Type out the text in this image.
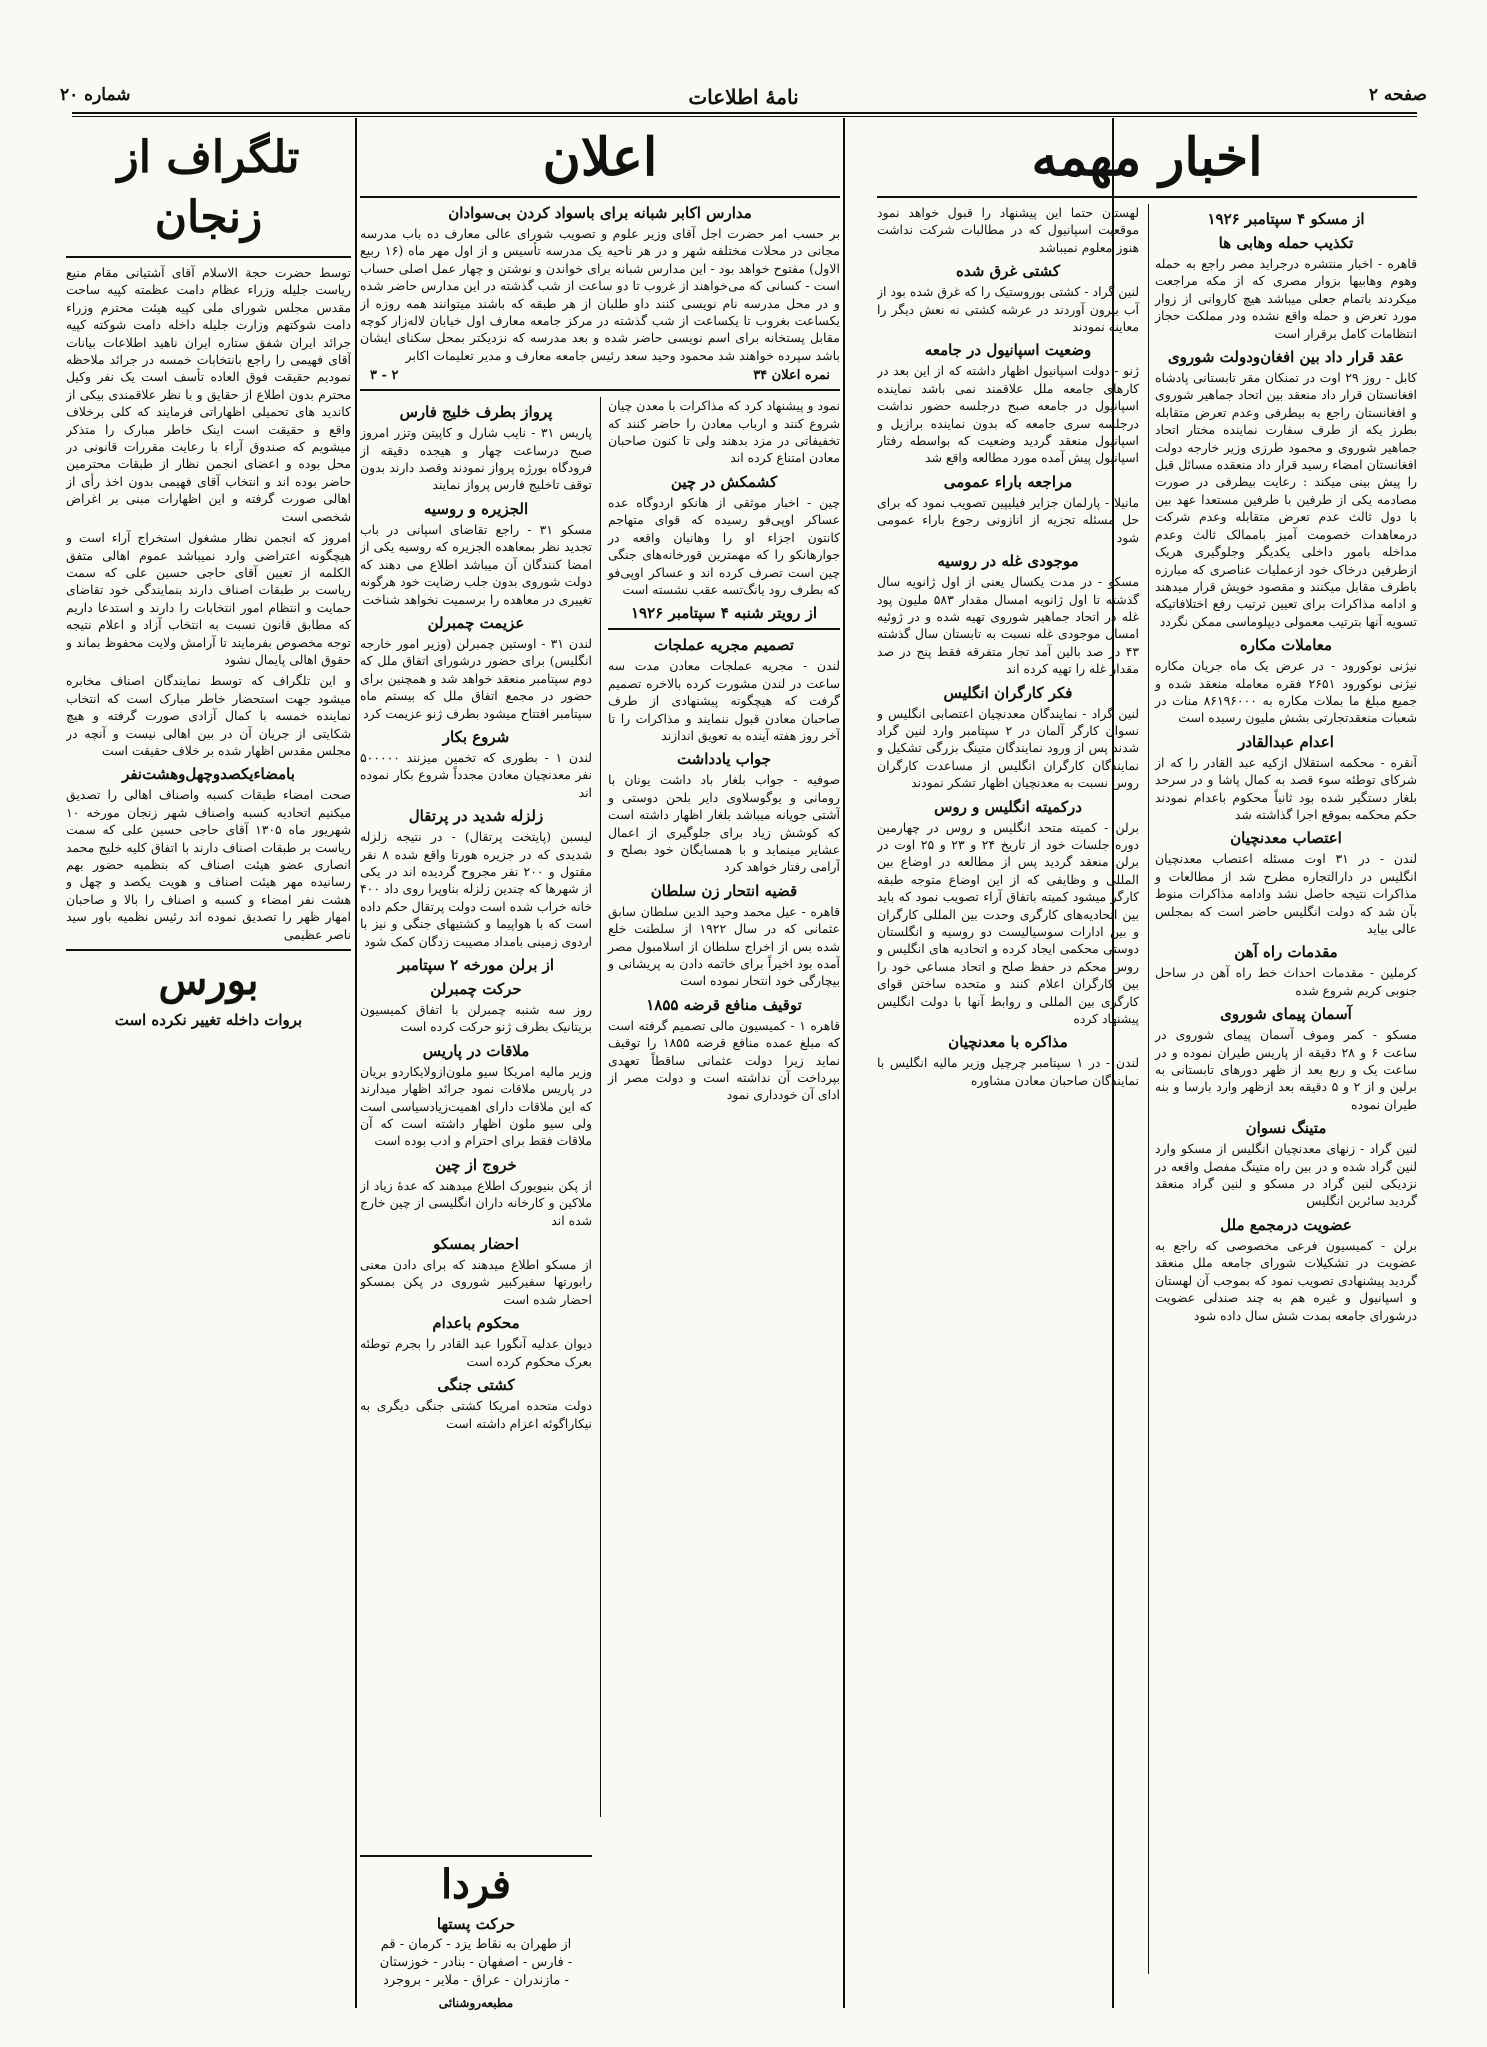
صفحه ۲
نامهٔ اطلاعات
شماره ۲۰
اخبار مهمه
از مسکو ۴ سپتامبر ۱۹۲۶
تکذیب حمله وهابی ها

قاهره - اخبار منتشره درجرايد مصر راجع به حمله وهوم وهابيها بزوار مصرى که از مکه مراجعت ميکردند باتمام جعلى ميباشد هيچ کاروانى از زوار مورد تعرض و حمله واقع نشده ودر مملکت حجاز انتظامات کامل برقرار است

عقد قرار داد بين افغان‌ودولت شوروی

کابل - روز ۲۹ اوت در تمنکان مقر تابستانی پادشاه افغانستان قرار داد منعقد بين اتحاد جماهير شوروى و افغانستان راجع به بيطرفى وعدم تعرض متقابله بطرز يکه از طرف سفارت نماينده مختار اتحاد جماهير شوروى و محمود طرزى وزير خارجه دولت افغانستان امضاء رسيد قرار داد منعقده مسائل قبل را پيش بينى ميکند : رعايت بيطرفى در صورت مصادمه يکى از طرفين با طرفين مستعدا عهد بين با دول ثالث عدم تعرض متقابله وعدم شرکت درمعاهدات خصومت آميز باممالک ثالث وعدم مداخله بامور داخلى يکديگر وجلوگيرى هريک ازطرفين درخاک خود ازعمليات عناصرى که مبارزه باطرف مقابل ميکنند و مقصود خويش قرار ميدهند و ادامه مذاکرات براى تعيين ترتيب رفع اختلافاتيکه تسويه آنها بترتيب معمولى ديپلوماسى ممکن نگردد

معاملات مکاره

نيژنى نوکورود - در عرض يک ماه جريان مکاره نيژنى نوکورود ۲۶۵۱ فقره معامله منعقد شده و جميع مبلغ ما بملات مکاره به ۸۶۱۹۶۰۰۰ منات در شعبات منعقدتجارتى بشش مليون رسيده است

اعدام عبدالقادر

آنقره - محکمه استقلال ازکيه عبد القادر را که از شرکای توطئه سوء قصد به کمال پاشا و در سرحد بلغار دستگير شده بود ثانیاً محکوم باعدام نمودند حکم محکمه بموقع اجرا گذاشته شد

اعتصاب معدنچيان

لندن - در ۳۱ اوت مسئله اعتصاب معدنچيان انگليس در دارالتجاره مطرح شد از مطالعات و مذاکرات نتيجه حاصل نشد وادامه مذاکرات منوط بآن شد که دولت انگليس حاضر است که بمجلس عالى بيايد

مقدمات راه آهن

کرملين - مقدمات احداث خط راه آهن در ساحل جنوبى کريم شروع شده

آسمان پيمای شوروی

مسکو - کمر وموف آسمان پيماى شوروی در ساعت ۶ و ۲۸ دقيقه از پاريس طيران نموده و در ساعت یک و ربع بعد از ظهر دورهای تابستانى به برلين و از ۲ و ۵ دقيقه بعد ازظهر وارد بارسا و بنه طيران نموده

متينگ نسوان

لنين گراد - زنهاى معدنچيان انگليس از مسکو وارد لنين گراد شده و در بين راه متينگ مفصل واقعه در نزديکى لنين گراد در مسکو و لنين گراد منعقد گرديد سائرين انگليس

عضويت درمجمع ملل

برلن - کميسيون فرعى مخصوصى که راجع به عضويت در تشکيلات شوراى جامعه ملل منعقد گرديد پيشنهادى تصويب نمود که بموجب آن لهستان و اسپانيول و غيره هم به چند صندلى عضويت درشوراى جامعه بمدت شش سال داده شود

لهستان حتما اين پيشنهاد را قبول خواهد نمود موقعيت اسپانيول که در مطالبات شرکت نداشت هنوز معلوم نميباشد

کشتی غرق شده

لنين گراد - کشتى بوروستيک را که غرق شده بود از آب بيرون آوردند در عرشه کشتى نه نعش ديگر را معاينه نمودند

وضعيت اسپانيول در جامعه

ژنو - دولت اسپانيول اظهار داشته که از اين بعد در کارهاى جامعه ملل علاقمند نمى باشد نماينده اسپانيول در جامعه صبح درجلسه حضور نداشت درجلسه سرى جامعه که بدون نماينده برازيل و اسپانيول منعقد گرديد وضعيت که بواسطه رفتار اسپانيول پيش آمده مورد مطالعه واقع شد

مراجعه باراء عمومی

مانيلا - پارلمان جزاير فيليپين تصويب نمود که براى حل مسئله تجزيه از انازونى رجوع باراء عمومى شود

موجودی غله در روسيه

مسکو - در مدت يکسال يعنى از اول ژانويه سال گذشته تا اول ژانويه امسال مقدار ۵۸۳ مليون پود غله در اتحاد جماهير شوروى تهيه شده و در ژوئيه امسال موجودى غله نسبت به تابستان سال گذشته ۴۳ در صد بالين آمد تجار متفرقه فقط پنج در صد مقدار غله را تهيه کرده اند

فکر کارگران انگليس

لنين گراد - نمايندگان معدنچيان اعتصابى انگليس و نسوان کارگر آلمان در ۲ سپتامبر وارد لنين گراد شدند پس از ورود نمايندگان متينگ بزرگى تشکيل و نمايندگان کارگران انگليس از مساعدت کارگران روس نسبت به معدنچيان اظهار تشکر نمودند

درکميته انگليس و روس

برلن - کميته متحد انگليس و روس در چهارمين دوره جلسات خود از تاريخ ۲۴ و ۲۳ و ۲۵ اوت در برلن منعقد گرديد پس از مطالعه در اوضاع بين المللى و وظايفى که از اين اوضاع متوجه طبقه کارگر ميشود کميته باتفاق آراء تصويب نمود که بايد بين اتحاديه‌هاى کارگرى وحدت بين المللى کارگران و بين ادارات سوسياليست دو روسيه و انگلستان دوستى محکمى ايجاد کرده و اتحاديه هاى انگليس و روس محکم در حفظ صلح و اتحاد مساعى خود را بين کارگران اعلام کنند و متحده ساختن قواى کارگرى بين المللى و روابط آنها با دولت انگليس پيشنهاد کرده

مذاکره با معدنچيان

لندن - در ۱ سپتامبر چرچيل وزير ماليه انگليس با نمايندگان صاحبان معادن مشاوره

اعلان
مدارس اکابر شبانه برای باسواد کردن بی‌سوادان

بر حسب امر حضرت اجل آقاى وزير علوم و تصويب شوراى عالى معارف ده باب مدرسه مجانى در محلات مختلفه شهر و در هر ناحيه يک مدرسه تأسيس و از اول مهر ماه (۱۶ ربيع الاول) مفتوح خواهد بود - اين مدارس شبانه براى خواندن و نوشتن و چهار عمل اصلى حساب است - کسانى که مى‌خواهند از غروب تا دو ساعت از شب گذشته در اين مدارس حاضر شده و در محل مدرسه نام نويسى کنند داو طلبان از هر طبقه که باشند ميتوانند همه روزه از يکساعت بغروب تا يکساعت از شب گذشته در مرکز جامعه معارف اول خيابان لاله‌زار کوچه مقابل پستخانه براى اسم نويسى حاضر شده و بعد مدرسه که نزديکتر بمحل سکناى ايشان باشد سپرده خواهند شد محمود وحيد سعد رئيس جامعه معارف و مدير تعليمات اکابر

نمره اعلان ۳۴
۲ - ۳

نمود و پيشنهاد کرد که مذاکرات با معدن چيان شروع کنند و ارباب معادن را حاضر کنند که تخفيفاتى در مزد بدهند ولى تا کنون صاحبان معادن امتناع کرده اند

کشمکش در چين

چين - اخبار موثقى از هانکو اردوگاه عده عساکر اوپى‌فو رسيده که قواى متهاجم کانتون اجزاء او را وهانيان واقعه در جوارهانکو را که مهمترين قورخانه‌هاى جنگى چين است تصرف کرده اند و عساکر اوپى‌فو که بطرف رود يانگ‌تسه عقب نشسته است

از رويتر شنبه ۴ سپتامبر ۱۹۲۶
تصميم مجريه عملجات

لندن - مجريه عملجات معادن مدت سه ساعت در لندن مشورت کرده بالاخره تصميم گرفت که هيچگونه پيشنهادى از طرف صاحبان معادن قبول ننمايند و مذاکرات را تا آخر روز هفته آينده به تعويق اندازند

جواب يادداشت

صوفيه - جواب بلغار باد داشت يونان با رومانى و يوگوسلاوى داير بلحن دوستى و آشتى جويانه ميباشد بلغار اظهار داشته است که کوشش زياد براى جلوگيرى از اعمال عشاير مينمايد و با همسايگان خود بصلح و آرامى رفتار خواهد کرد

قضيه انتحار زن سلطان

قاهره - عيل محمد وحيد الدين سلطان سابق عثمانى که در سال ۱۹۲۲ از سلطنت خلع شده بس از اخراج سلطان از اسلامبول مصر آمده بود اخيراً براى خاتمه دادن به پريشانى و بيچارگى خود انتحار نموده است

توقيف منافع قرضه ۱۸۵۵

قاهره ۱ - کميسيون مالى تصميم گرفته است که مبلغ عمده منافع قرضه ۱۸۵۵ را توقيف نمايد زيرا دولت عثمانى ساقطاً تعهدى بپرداخت آن نداشته است و دولت مصر از ادای آن خوددارى نمود

پرواز بطرف خليج فارس

پاريس ۳۱ - نايب شارل و کاپيتن وتزر امروز صبح درساعت چهار و هيجده دقيقه از فرودگاه بورژه پرواز نمودند وقصد دارند بدون توقف تاخليج فارس پرواز نمايند

الجزيره و روسيه

مسکو ۳۱ - راجع تقاضاى اسپانى در باب تجديد نظر بمعاهده الجزيره که روسيه يکى از امضا کنندگان آن ميباشد اطلاع مى دهند که دولت شوروى بدون جلب رضايت خود هرگونه تغييرى در معاهده را برسميت نخواهد شناخت

عزيمت چمبرلن

لندن ۳۱ - اوستين چمبرلن (وزير امور خارجه انگليس) براى حضور درشوراى اتفاق ملل که دوم سپتامبر منعقد خواهد شد و همچنين براى حضور در مجمع اتفاق ملل که بيستم ماه سپتامبر افتتاح ميشود بطرف ژنو عزيمت کرد

شروع بکار

لندن ۱ - بطورى که تخمين ميزنند ۵۰۰۰۰۰ نفر معدنچيان معادن مجدداً شروع بکار نموده اند

زلزله شديد در پرتقال

ليسبن (پايتخت پرتقال) - در نتيجه زلزله شديدى که در جزيره هورتا واقع شده ۸ نفر مقتول و ۲۰۰ نفر مجروح گرديده اند در يکى از شهرها که چندين زلزله بناوپرا روى داد ۴۰۰ خانه خراب شده است دولت پرتقال حکم داده است که با هواپيما و کشتيهاى جنگى و نيز با اردوى زمينى بامداد مصيبت زدگان کمک شود

از برلن مورخه ۲ سپتامبر
حرکت چمبرلن

روز سه شنبه چمبرلن با اتفاق کميسيون بريتانيک بطرف ژنو حرکت کرده است

ملاقات در پاريس

وزير ماليه امريکا سيو ملون‌ازولايکاردو بريان در پاريس ملاقات نمود جرائد اظهار ميدارند که اين ملاقات داراى اهميت‌زيادسياسى است ولى سيو ملون اظهار داشته است که آن ملاقات فقط براى احترام و ادب بوده است

خروج از چين

از پکن بنيويورک اطلاع ميدهند که عدۀ زياد از ملاکين و کارخانه داران انگليسى از چين خارج شده اند

احضار بمسکو

از مسکو اطلاع ميدهند که براى دادن معنى رابورتها سفيرکبير شوروى در پکن بمسکو احضار شده است

محکوم باعدام

ديوان عدليه آنگورا عبد القادر را بجرم توطئه بعرک محکوم کرده است

کشتی جنگی

دولت متحده امريکا کشتى جنگى ديگرى به نيکاراگوئه اعزام داشته است

فردا
حرکت پستها
از طهران به نقاط یزد - کرمان - قم
- فارس - اصفهان - بنادر - خوزستان
- مازندران - عراق - ملاير - بروجرد
مطبعه‌روشنائی
تلگراف از زنجان

توسط حضرت حجة الاسلام آقای آشتيانى مقام منيع رياست جليله وزراء عظام دامت عظمته کپيه ساحت مقدس مجلس شوراى ملى کپيه هيئت محترم وزراء دامت شوکتهم وزارت جليله داخله دامت شوکته کپيه جرائد ايران شفق ستاره ايران ناهيد اطلاعات بيانات آقاى فهيمى را راجع بانتخابات خمسه در جرائد ملاحظه نموديم حقيقت فوق العاده تأسف است يک نفر وکيل محترم بدون اطلاع از حقايق و با نظر علاقمندى بيکى از کانديد هاى تحميلى اظهاراتى فرمايند که کلى برخلاف واقع و حقيقت است اينک خاطر مبارک را متذکر ميشويم که صندوق آراء با رعايت مقررات قانونى در محل بوده و اعضاى انجمن نظار از طبقات محترمين حاضر بوده اند و انتخاب آقاى فهيمى بدون اخذ رأى از اهالى صورت گرفته و اين اظهارات مبنى بر اغراض شخصى است

امروز که انجمن نظار مشغول استخراج آراء است و هيچگونه اعتراضى وارد نميباشد عموم اهالى متفق الکلمه از تعيين آقاى حاجى حسين على که سمت رياست بر طبقات اصناف دارند بنمايندگى خود تقاضاى حمايت و انتظام امور انتخابات را دارند و استدعا داريم که مطابق قانون نسبت به انتخاب آزاد و اعلام نتيجه توجه مخصوص بفرمايند تا آرامش ولايت محفوظ بماند و حقوق اهالى پايمال نشود

و اين تلگراف که توسط نمايندگان اصناف مخابره ميشود جهت استحضار خاطر مبارک است که انتخاب نماينده خمسه با کمال آزادى صورت گرفته و هيچ شکايتى از جريان آن در بين اهالى نيست و آنچه در مجلس مقدس اظهار شده بر خلاف حقيقت است

بامضاءيکصدوچهل‌وهشت‌نفر

صحت امضاء طبقات کسبه واصناف اهالى را تصديق ميکنيم اتحاديه کسبه واصناف شهر زنجان مورخه ۱۰ شهريور ماه ۱۳۰۵ آقاى حاجى حسين على که سمت رياست بر طبقات اصناف دارند با اتفاق کليه خليج محمد انصارى عضو هيئت اصناف که بنظميه حضور بهم رسانيده مهر هيئت اصناف و هويت يکصد و چهل و هشت نفر امضاء و کسبه و اصناف را بالا و صاحبان امهار ظهر را تصديق نموده اند رئيس نظميه باور سيد ناصر عظيمى

بورس
بروات داخله تغيير نکرده است
